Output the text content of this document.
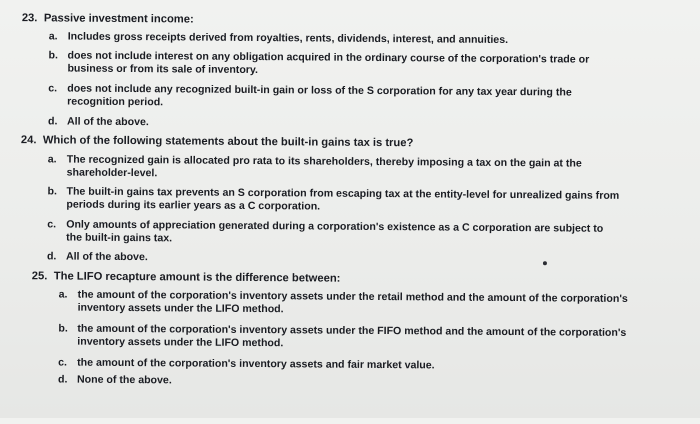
23. Passive investment income:
a. Includes gross receipts derived from royalties, rents, dividends, interest, and annuities.
b. does not include interest on any obligation acquired in the ordinary course of the corporation's trade or
business or from its sale of inventory.
c. does not include any recognized built-in gain or loss of the S corporation for any tax year during the
recognition period.
d. All of the above.
24. Which of the following statements about the built-in gains tax is true?
a. The recognized gain is allocated pro rata to its shareholders, thereby imposing a tax on the gain at the
shareholder-level.
b. The built-in gains tax prevents an S corporation from escaping tax at the entity-level for unrealized gains from
periods during its earlier years as a C corporation.
c. Only amounts of appreciation generated during a corporation's existence as a C corporation are subject to
the built-in gains tax.
d. All of the above.
25. The LIFO recapture amount is the difference between:
a. the amount of the corporation's inventory assets under the retail method and the amount of the corporation's
inventory assets under the LIFO method.
b. the amount of the corporation's inventory assets under the FIFO method and the amount of the corporation's
inventory assets under the LIFO method.
c. the amount of the corporation's inventory assets and fair market value.
d. None of the above.
